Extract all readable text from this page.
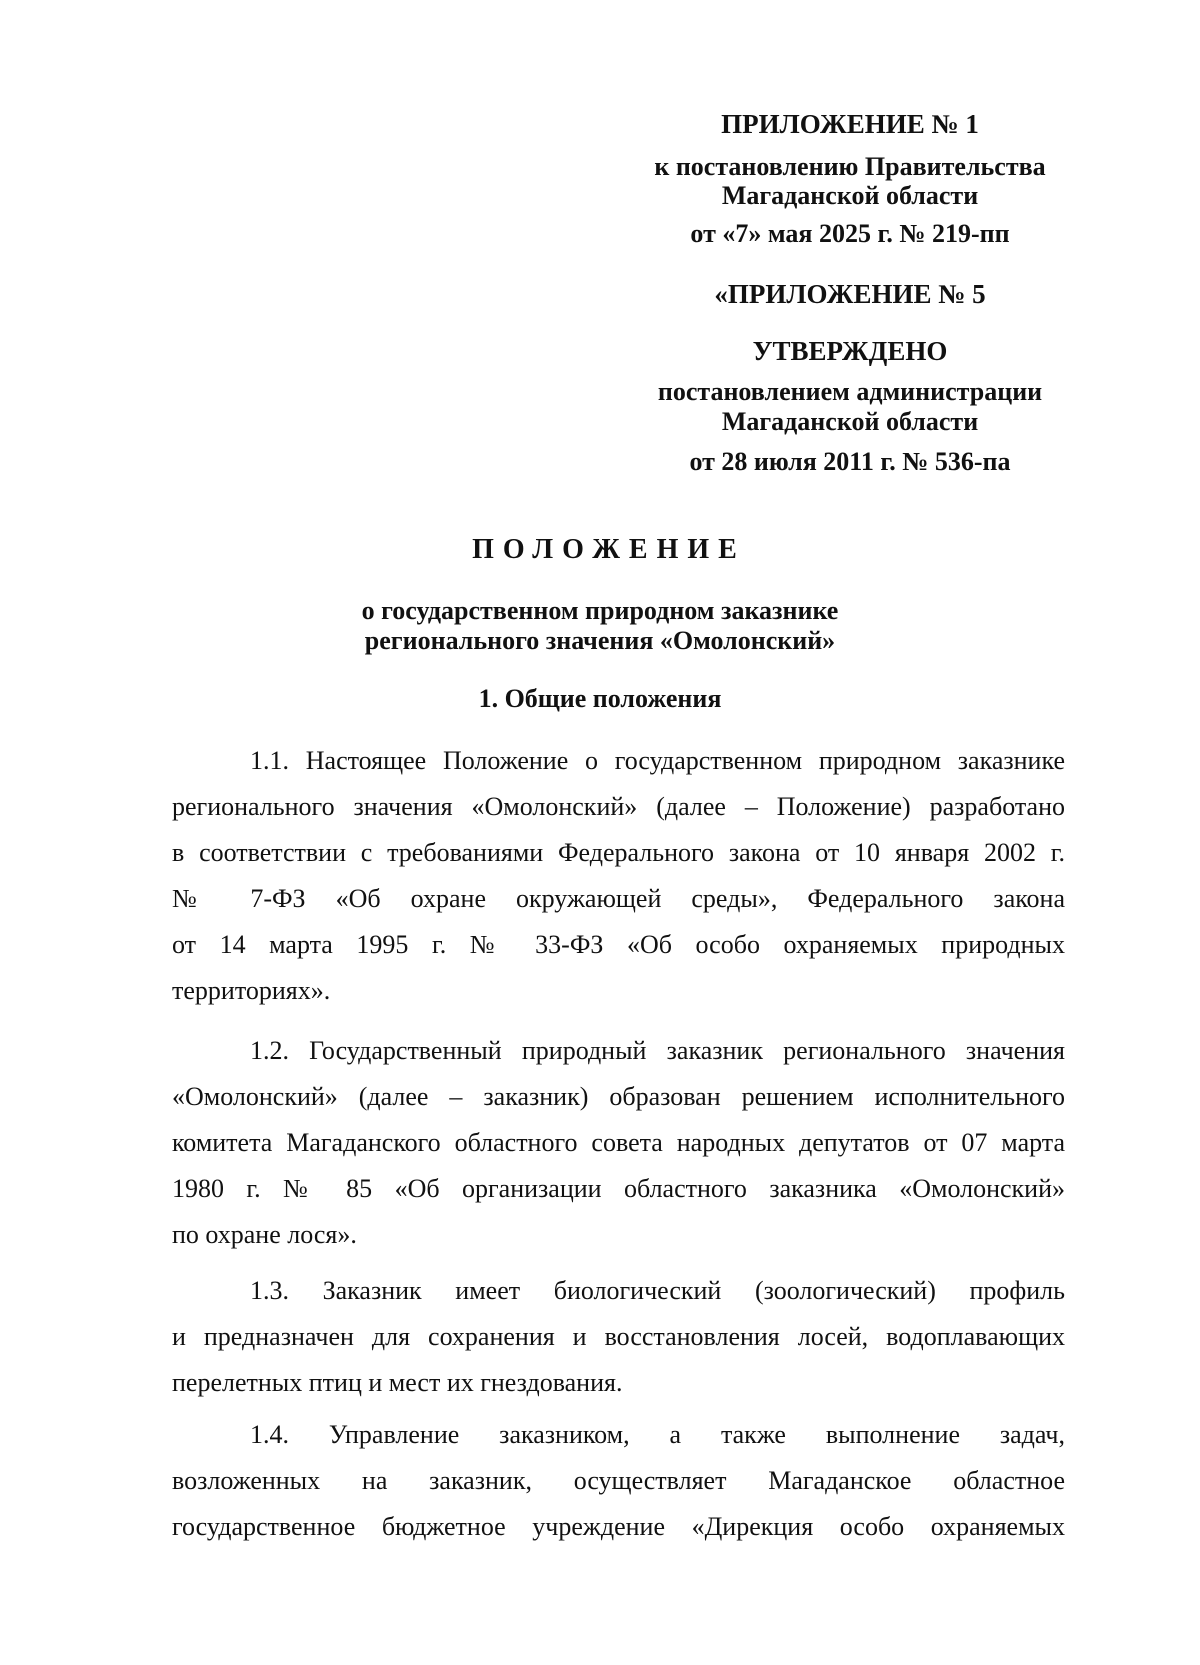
ПРИЛОЖЕНИЕ № 1
к постановлению Правительства
Магаданской области
от «7» мая 2025 г. № 219-пп
«ПРИЛОЖЕНИЕ № 5
УТВЕРЖДЕНО
постановлением администрации
Магаданской области
от 28 июля 2011 г. № 536-па
ПОЛОЖЕНИЕ
о государственном природном заказнике
регионального значения «Омолонский»
1. Общие положения
1.1. Настоящее Положение о государственном природном заказнике
регионального значения «Омолонский» (далее – Положение) разработано
в соответствии с требованиями Федерального закона от 10 января 2002 г.
№ 7-ФЗ «Об охране окружающей среды», Федерального закона
от 14 марта 1995 г. № 33-ФЗ «Об особо охраняемых природных
территориях».
1.2. Государственный природный заказник регионального значения
«Омолонский» (далее – заказник) образован решением исполнительного
комитета Магаданского областного совета народных депутатов от 07 марта
1980 г. № 85 «Об организации областного заказника «Омолонский»
по охране лося».
1.3. Заказник имеет биологический (зоологический) профиль
и предназначен для сохранения и восстановления лосей, водоплавающих
перелетных птиц и мест их гнездования.
1.4. Управление заказником, а также выполнение задач,
возложенных на заказник, осуществляет Магаданское областное
государственное бюджетное учреждение «Дирекция особо охраняемых
